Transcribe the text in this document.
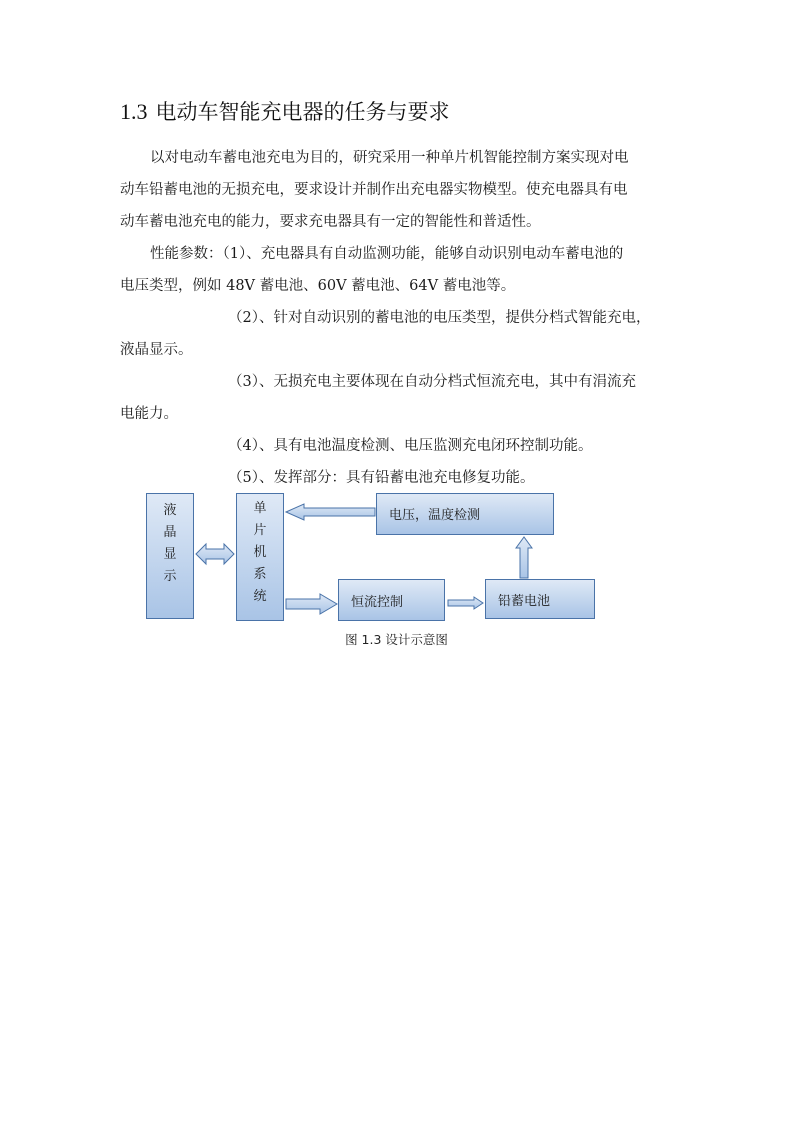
1.3 电动车智能充电器的任务与要求
以对电动车蓄电池充电为目的，研究采用一种单片机智能控制方案实现对电
动车铅蓄电池的无损充电，要求设计并制作出充电器实物模型。使充电器具有电
动车蓄电池充电的能力，要求充电器具有一定的智能性和普适性。
性能参数：（1）、充电器具有自动监测功能，能够自动识别电动车蓄电池的
电压类型，例如 48V 蓄电池、60V 蓄电池、64V 蓄电池等。
（2）、针对自动识别的蓄电池的电压类型，提供分档式智能充电，
液晶显示。
（3）、无损充电主要体现在自动分档式恒流充电，其中有涓流充
电能力。
（4）、具有电池温度检测、电压监测充电闭环控制功能。
（5）、发挥部分：具有铅蓄电池充电修复功能。
液
晶
显
示
单
片
机
系
统
电压，温度检测
恒流控制	铅蓄电池
图 1.3 设计示意图
